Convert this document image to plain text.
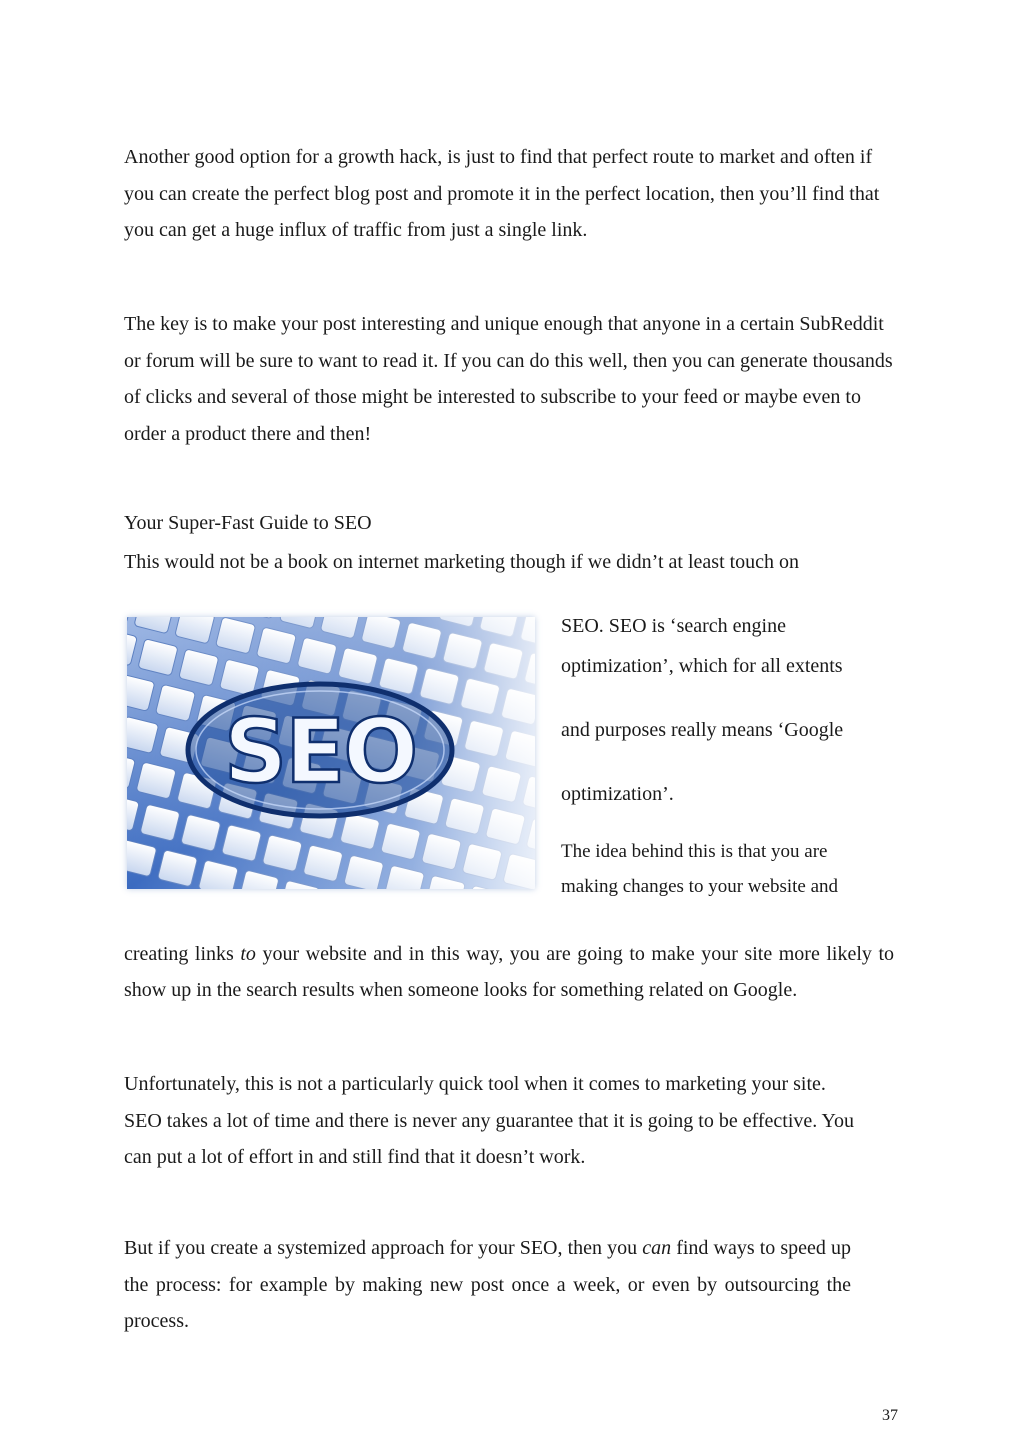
Another good option for a growth hack, is just to find that perfect route to market and often if you can create the perfect blog post and promote it in the perfect location, then you’ll find that you can get a huge influx of traffic from just a single link.

The key is to make your post interesting and unique enough that anyone in a certain SubReddit or forum will be sure to want to read it. If you can do this well, then you can generate thousands of clicks and several of those might be interested to subscribe to your feed or maybe even to order a product there and then!

Your Super-Fast Guide to SEO

This would not be a book on internet marketing though if we didn’t at least touch on

SEO

SEO. SEO is ‘search engine

optimization’, which for all extents

and purposes really means ‘Google

optimization’.

The idea behind this is that you are making changes to your website and

creating links to your website and in this way, you are going to make your site more likely to show up in the search results when someone looks for something related on Google.

Unfortunately, this is not a particularly quick tool when it comes to marketing your site. SEO takes a lot of time and there is never any guarantee that it is going to be effective. You can put a lot of effort in and still find that it doesn’t work.

But if you create a systemized approach for your SEO, then you can find ways to speed up the process: for example by making new post once a week, or even by outsourcing the process.

37
